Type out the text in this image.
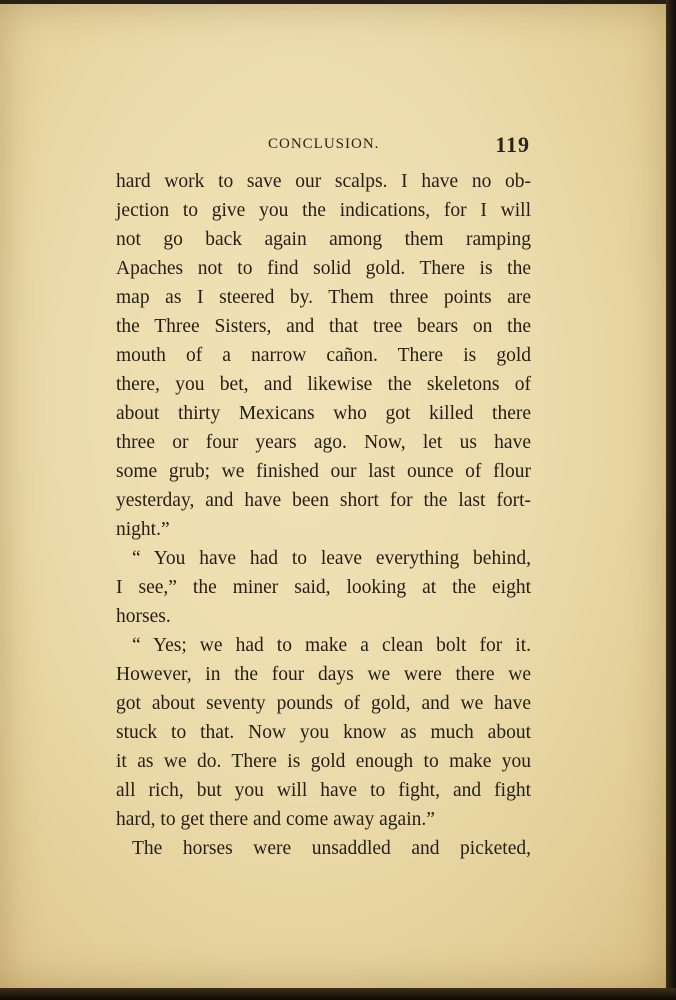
CONCLUSION.	119
hard work to save our scalps. I have no ob-
jection to give you the indications, for I will
not go back again among them ramping
Apaches not to find solid gold. There is the
map as I steered by. Them three points are
the Three Sisters, and that tree bears on the
mouth of a narrow cañon. There is gold
there, you bet, and likewise the skeletons of
about thirty Mexicans who got killed there
three or four years ago. Now, let us have
some grub; we finished our last ounce of flour
yesterday, and have been short for the last fort-
night.”
“ You have had to leave everything behind,
I see,” the miner said, looking at the eight
horses.
“ Yes; we had to make a clean bolt for it.
However, in the four days we were there we
got about seventy pounds of gold, and we have
stuck to that. Now you know as much about
it as we do. There is gold enough to make you
all rich, but you will have to fight, and fight
hard, to get there and come away again.”
The horses were unsaddled and picketed,
